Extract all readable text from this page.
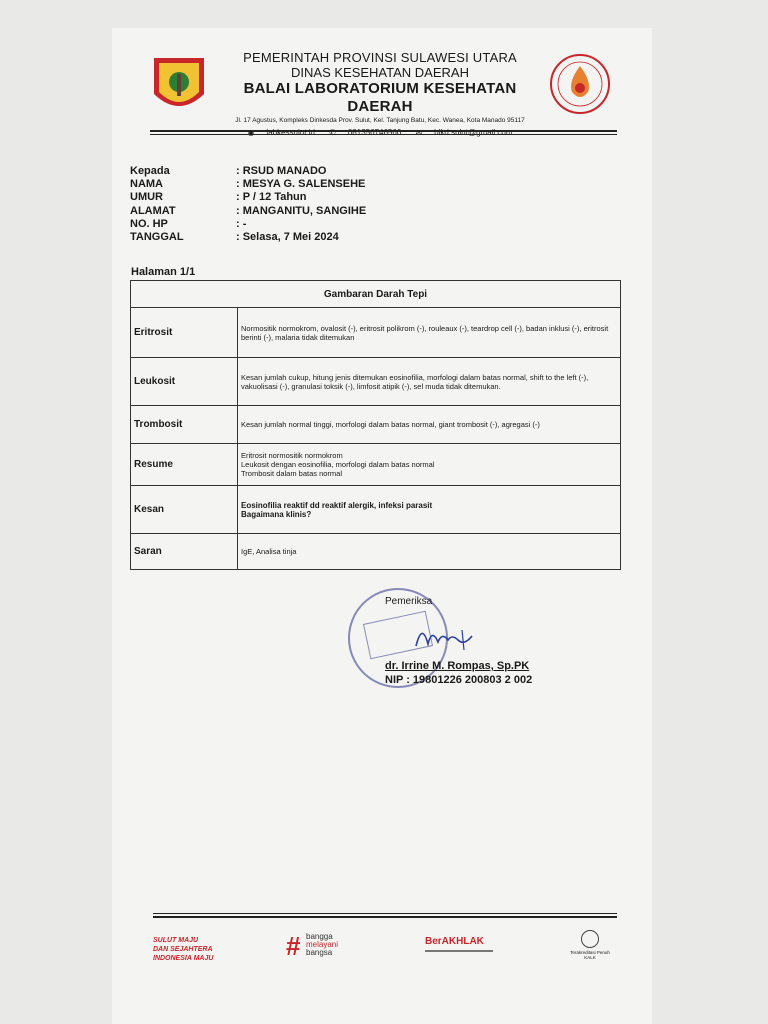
PEMERINTAH PROVINSI SULAWESI UTARA
DINAS KESEHATAN DAERAH
BALAI LABORATORIUM KESEHATAN DAERAH
Jl. 17 Agustus, Kompleks Dinkesda Prov. Sulut, Kel. Tanjung Batu, Kec. Wanea, Kota Manado 95117
◉ labkessulut.id ✆ 081356746566 ✉ blkd.sulut@gmail.com
Kepada	: RSUD MANADO
NAMA	: MESYA G. SALENSEHE
UMUR	: P / 12 Tahun
ALAMAT	: MANGANITU, SANGIHE
NO. HP	: -
TANGGAL	: Selasa, 7 Mei 2024
Halaman 1/1
Gambaran Darah Tepi	
Eritrosit	Normositik normokrom, ovalosit (-), eritrosit polikrom (-), rouleaux (-), teardrop cell (-), badan inklusi (-), eritrosit berinti (-), malaria tidak ditemukan

Leukosit	Kesan jumlah cukup, hitung jenis ditemukan eosinofilia, morfologi dalam batas normal, shift to the left (-), vakuolisasi (-), granulasi toksik (-), limfosit atipik (-), sel muda tidak ditemukan.

Trombosit	Kesan jumlah normal tinggi, morfologi dalam batas normal, giant trombosit (-), agregasi (-)

Resume	Eritrosit normositik normokrom
Leukosit dengan eosinofilia, morfologi dalam batas normal
Trombosit dalam batas normal

Kesan	Eosinofilia reaktif dd reaktif alergik, infeksi parasit
Bagaimana klinis?

Saran	IgE, Analisa tinja
Pemeriksa
dr. Irrine M. Rompas, Sp.PK
NIP : 19801226 200803 2 002
SULUT MAJU
DAN SEJAHTERA
INDONESIA MAJU	# bangga
melayani
bangsa
BerAKHLAK
Terakreditasi Penuh KALK
